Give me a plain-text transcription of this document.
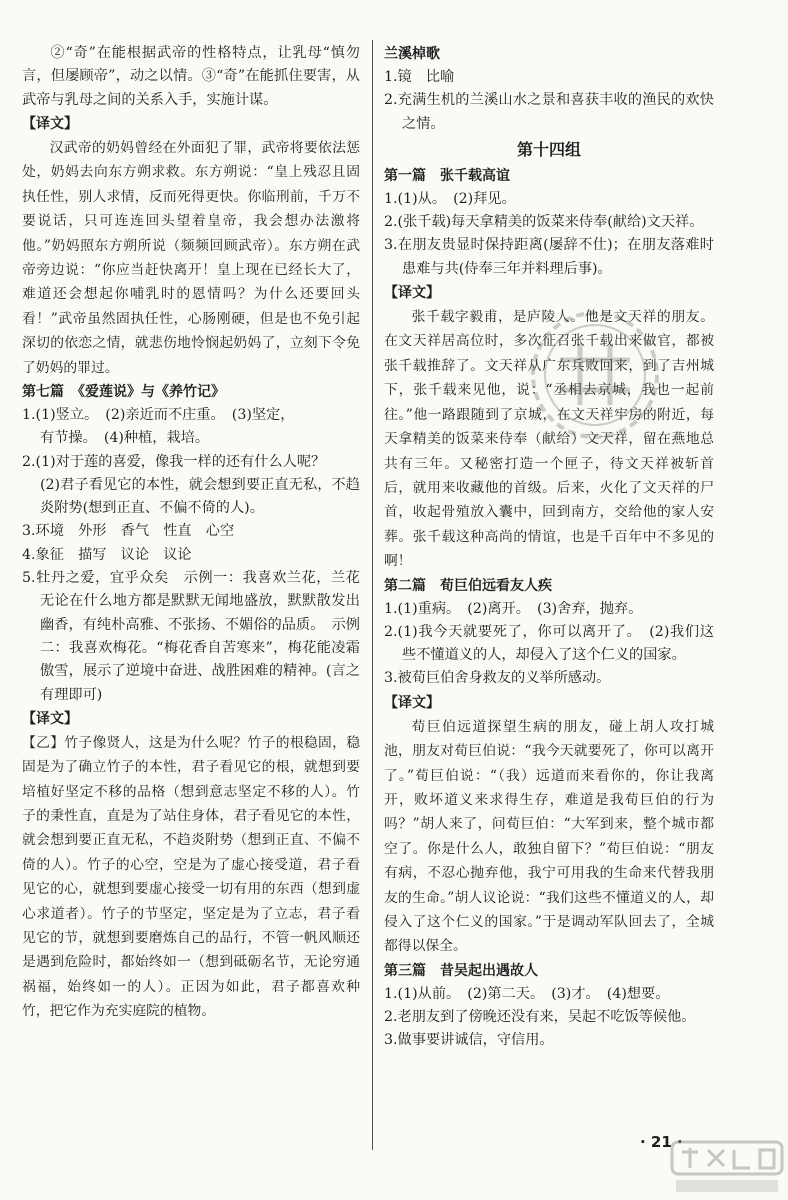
②“奇”在能根据武帝的性格特点，让乳母“慎勿言，但屡顾帝”，动之以情。③“奇”在能抓住要害，从武帝与乳母之间的关系入手，实施计谋。

【译文】

汉武帝的奶妈曾经在外面犯了罪，武帝将要依法惩处，奶妈去向东方朔求救。东方朔说：“皇上残忍且固执任性，别人求情，反而死得更快。你临刑前，千万不要说话，只可连连回头望着皇帝，我会想办法激将他。”奶妈照东方朔所说（频频回顾武帝）。东方朔在武帝旁边说：“你应当赶快离开！皇上现在已经长大了，难道还会想起你哺乳时的恩情吗？为什么还要回头看！”武帝虽然固执任性，心肠刚硬，但是也不免引起深切的依恋之情，就悲伤地怜悯起奶妈了，立刻下令免了奶妈的罪过。

第七篇　《爱莲说》与《养竹记》

1.(1)竖立。　(2)亲近而不庄重。　(3)坚定，

有节操。　(4)种植，栽培。

2.(1)对于莲的喜爱，像我一样的还有什么人呢？

(2)君子看见它的本性，就会想到要正直无私，不趋炎附势(想到正直、不偏不倚的人)。

3.环境　外形　香气　性直　心空

4.象征　描写　议论　议论

5.牡丹之爱，宜乎众矣　示例一：我喜欢兰花，兰花无论在什么地方都是默默无闻地盛放，默默散发出幽香，有纯朴高雅、不张扬、不媚俗的品质。　示例二：我喜欢梅花。“梅花香自苦寒来”，梅花能凌霜傲雪，展示了逆境中奋进、战胜困难的精神。(言之有理即可)

【译文】

【乙】竹子像贤人，这是为什么呢？竹子的根稳固，稳固是为了确立竹子的本性，君子看见它的根，就想到要培植好坚定不移的品格（想到意志坚定不移的人）。竹子的秉性直，直是为了站住身体，君子看见它的本性，就会想到要正直无私，不趋炎附势（想到正直、不偏不倚的人）。竹子的心空，空是为了虚心接受道，君子看见它的心，就想到要虚心接受一切有用的东西（想到虚心求道者）。竹子的节坚定，坚定是为了立志，君子看见它的节，就想到要磨炼自己的品行，不管一帆风顺还是遇到危险时，都始终如一（想到砥砺名节，无论穷通祸福，始终如一的人）。正因为如此，君子都喜欢种竹，把它作为充实庭院的植物。

兰溪棹歌

1.镜　比喻

2.充满生机的兰溪山水之景和喜获丰收的渔民的欢快之情。

第十四组

第一篇　张千载高谊

1.(1)从。　(2)拜见。

2.(张千载)每天拿精美的饭菜来侍奉(献给)文天祥。

3.在朋友贵显时保持距离(屡辞不仕)；在朋友落难时患难与共(侍奉三年并料理后事)。

【译文】

张千载字毅甫，是庐陵人。他是文天祥的朋友。在文天祥居高位时，多次征召张千载出来做官，都被张千载推辞了。文天祥从广东兵败回来，到了吉州城下，张千载来见他，说：“丞相去京城，我也一起前往。”他一路跟随到了京城，在文天祥牢房的附近，每天拿精美的饭菜来侍奉（献给）文天祥，留在燕地总共有三年。又秘密打造一个匣子，待文天祥被斩首后，就用来收藏他的首级。后来，火化了文天祥的尸首，收起骨殖放入囊中，回到南方，交给他的家人安葬。张千载这种高尚的情谊，也是千百年中不多见的啊！

第二篇　荀巨伯远看友人疾

1.(1)重病。　(2)离开。　(3)舍弃，抛弃。

2.(1)我今天就要死了，你可以离开了。　(2)我们这些不懂道义的人，却侵入了这个仁义的国家。

3.被荀巨伯舍身救友的义举所感动。

【译文】

荀巨伯远道探望生病的朋友，碰上胡人攻打城池，朋友对荀巨伯说：“我今天就要死了，你可以离开了。”荀巨伯说：“（我）远道而来看你的，你让我离开，败坏道义来求得生存，难道是我荀巨伯的行为吗？”胡人来了，问荀巨伯：“大军到来，整个城市都空了。你是什么人，敢独自留下？”荀巨伯说：“朋友有病，不忍心抛弃他，我宁可用我的生命来代替我朋友的生命。”胡人议论说：“我们这些不懂道义的人，却侵入了这个仁义的国家。”于是调动军队回去了，全城都得以保全。

第三篇　昔吴起出遇故人

1.(1)从前。　(2)第二天。　(3)才。　(4)想要。

2.老朋友到了傍晚还没有来，吴起不吃饭等候他。

3.做事要讲诚信，守信用。

· 21 ·
